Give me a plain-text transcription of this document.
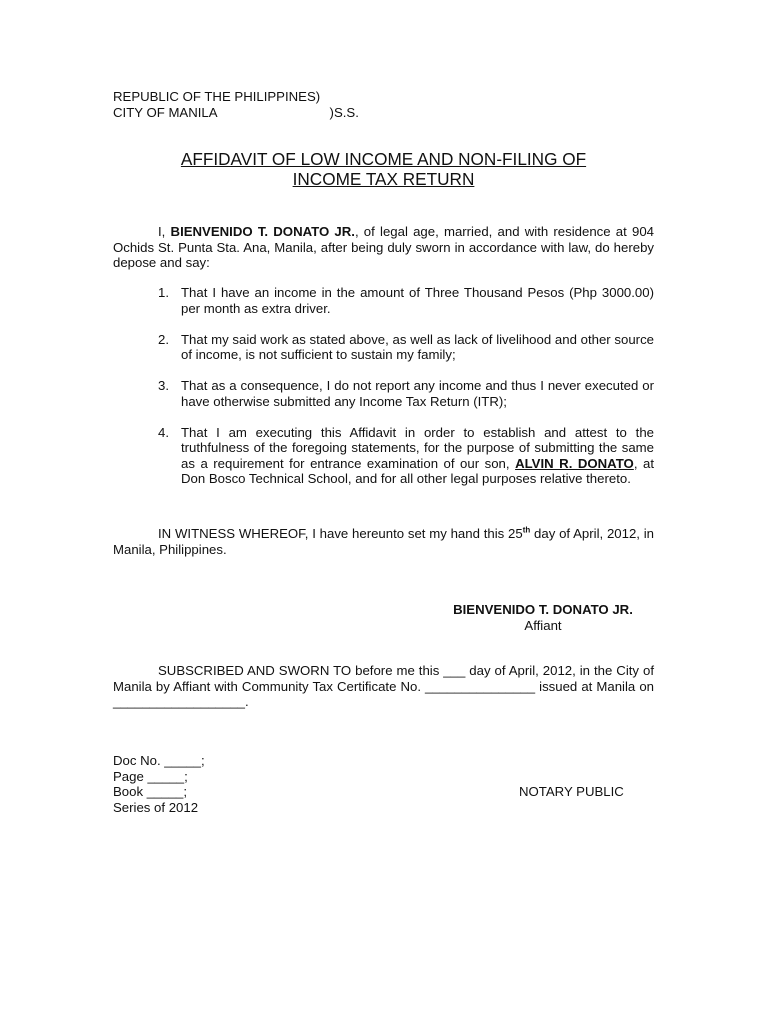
REPUBLIC OF THE PHILIPPINES)
CITY OF MANILA	)S.S.
AFFIDAVIT OF LOW INCOME AND NON-FILING OF
INCOME TAX RETURN

I, BIENVENIDO T. DONATO JR., of legal age, married, and with residence at 904 Ochids St. Punta Sta. Ana, Manila, after being duly sworn in accordance with law, do hereby depose and say:

1. That I have an income in the amount of Three Thousand Pesos (Php 3000.00) per month as extra driver.
2. That my said work as stated above, as well as lack of livelihood and other source of income, is not sufficient to sustain my family;
3. That as a consequence, I do not report any income and thus I never executed or have otherwise submitted any Income Tax Return (ITR);
4. That I am executing this Affidavit in order to establish and attest to the truthfulness of the foregoing statements, for the purpose of submitting the same as a requirement for entrance examination of our son, ALVIN R. DONATO, at Don Bosco Technical School, and for all other legal purposes relative thereto.

IN WITNESS WHEREOF, I have hereunto set my hand this 25th day of April, 2012, in Manila, Philippines.

BIENVENIDO T. DONATO JR.
Affiant

SUBSCRIBED AND SWORN TO before me this ___ day of April, 2012, in the City of Manila by Affiant with Community Tax Certificate No. _______________ issued at Manila on __________________.

Doc No. _____;
Page _____;
Book _____;
Series of 2012
NOTARY PUBLIC
